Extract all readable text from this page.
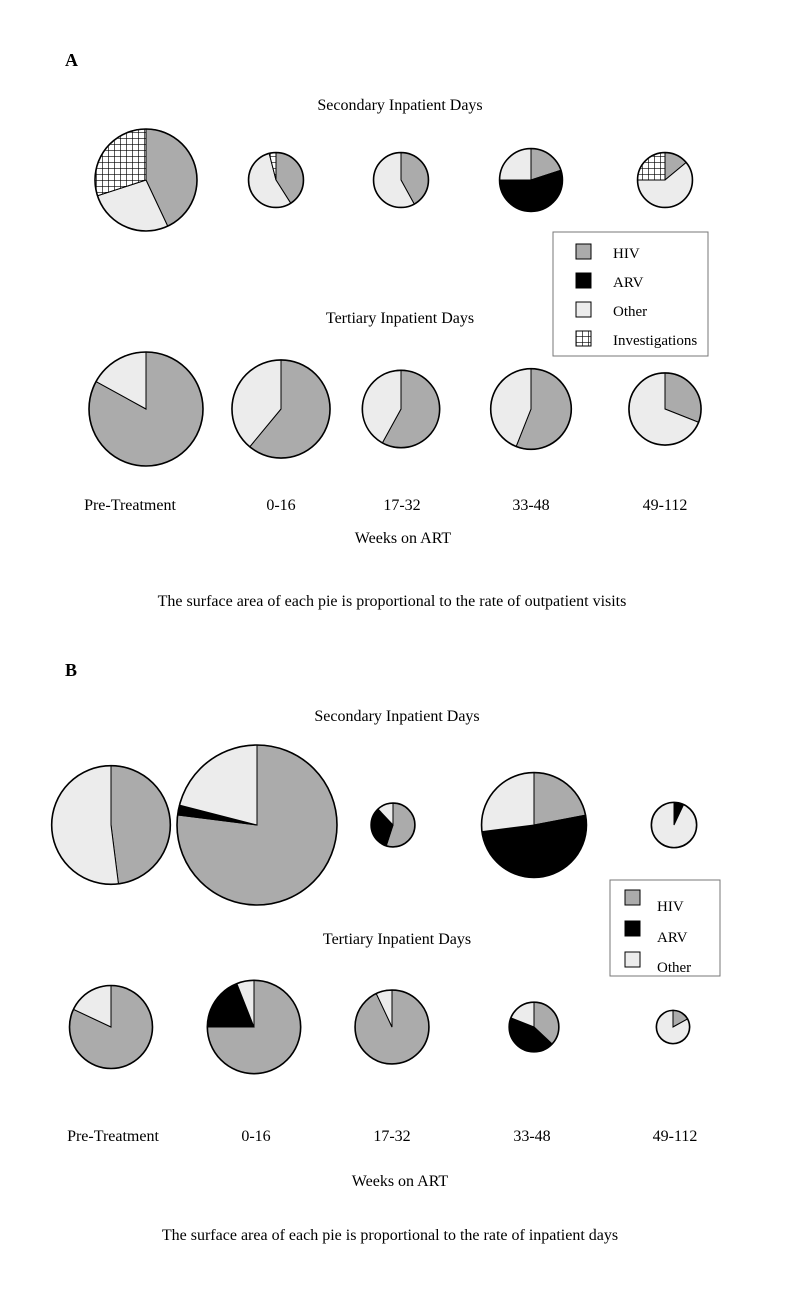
A
Secondary Inpatient Days
Tertiary Inpatient Days
Pre-Treatment	0-16	17-32	33-48	49-112
Weeks on ART
The surface area of each pie is proportional to the rate of outpatient visits
HIV
ARV
Other
Investigations
B
Secondary Inpatient Days
Tertiary Inpatient Days
Pre-Treatment	0-16	17-32	33-48	49-112
Weeks on ART
The surface area of each pie is proportional to the rate of inpatient days
HIV
ARV
Other
